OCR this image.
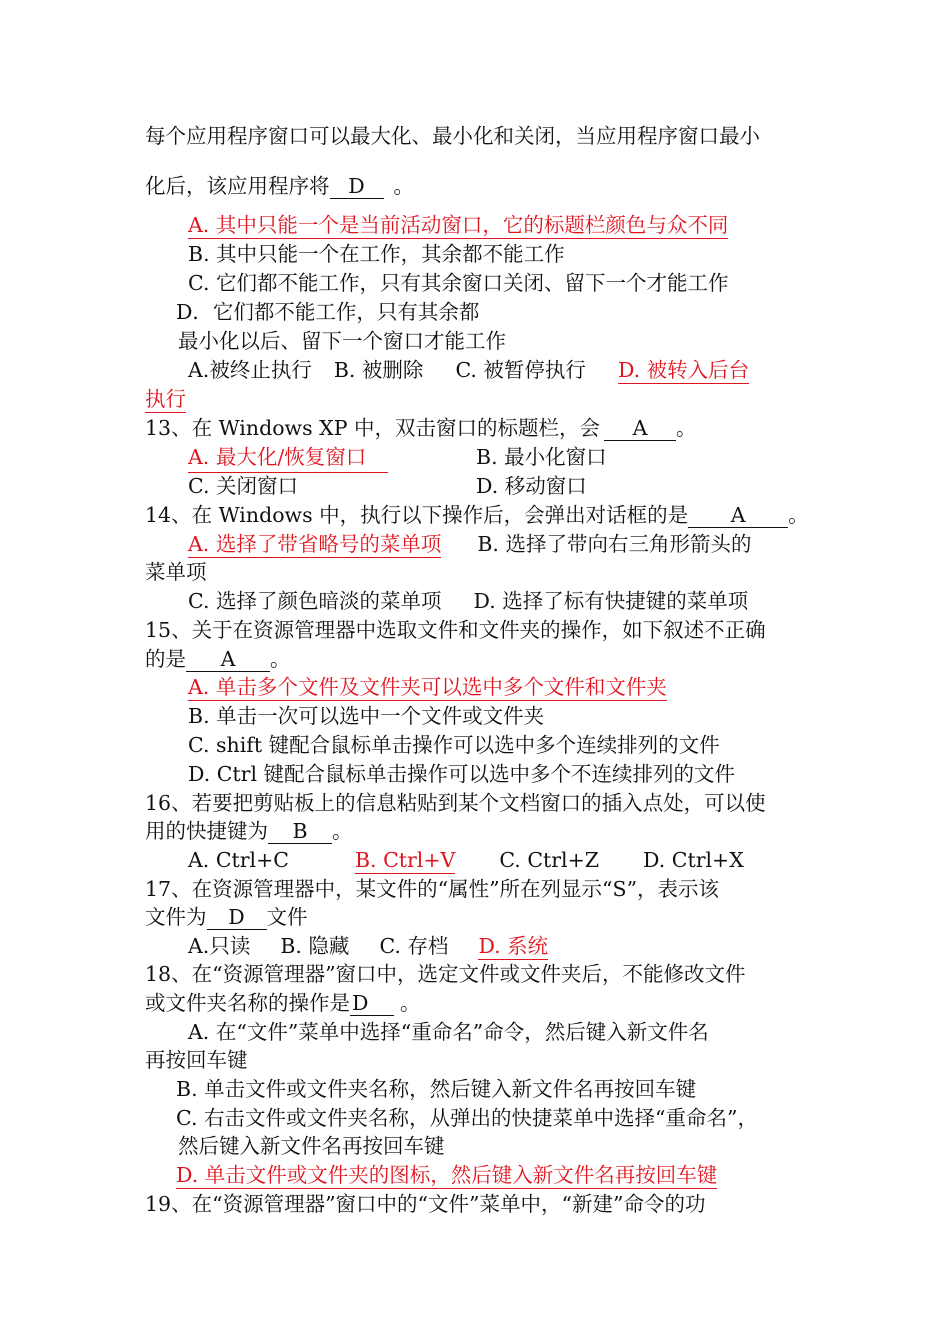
每个应用程序窗口可以最大化、最小化和关闭，当应用程序窗口最小
化后，该应用程序将 D 。
A. 其中只能一个是当前活动窗口，它的标题栏颜色与众不同
B. 其中只能一个在工作，其余都不能工作
C. 它们都不能工作，只有其余窗口关闭、留下一个才能工作
D．它们都不能工作，只有其余都
最小化以后、留下一个窗口才能工作
A.被终止执行 B. 被删除 C. 被暂停执行 D. 被转入后台
执行
13、在 Windows XP 中，双击窗口的标题栏，会 A 。
A. 最大化/恢复窗口	B. 最小化窗口
C. 关闭窗口	D. 移动窗口
14、在 Windows 中，执行以下操作后，会弹出对话框的是 A 。
A. 选择了带省略号的菜单项 B. 选择了带向右三角形箭头的
菜单项
C. 选择了颜色暗淡的菜单项 D. 选择了标有快捷键的菜单项
15、关于在资源管理器中选取文件和文件夹的操作，如下叙述不正确
的是 A 。
A. 单击多个文件及文件夹可以选中多个文件和文件夹
B. 单击一次可以选中一个文件或文件夹
C. shift 键配合鼠标单击操作可以选中多个连续排列的文件
D. Ctrl 键配合鼠标单击操作可以选中多个不连续排列的文件
16、若要把剪贴板上的信息粘贴到某个文档窗口的插入点处，可以使
用的快捷键为 B 。
A. Ctrl+C	B. Ctrl+V C. Ctrl+Z D. Ctrl+X
17、在资源管理器中，某文件的“属性”所在列显示“S”，表示该
文件为 D 文件
A.只读 B. 隐藏 C. 存档 D. 系统
18、在“资源管理器”窗口中，选定文件或文件夹后，不能修改文件
或文件夹名称的操作是D 。
A. 在“文件”菜单中选择“重命名”命令，然后键入新文件名
再按回车键
B. 单击文件或文件夹名称，然后键入新文件名再按回车键
C. 右击文件或文件夹名称，从弹出的快捷菜单中选择“重命名”，
然后键入新文件名再按回车键
D. 单击文件或文件夹的图标，然后键入新文件名再按回车键
19、在“资源管理器”窗口中的“文件”菜单中，“新建”命令的功
